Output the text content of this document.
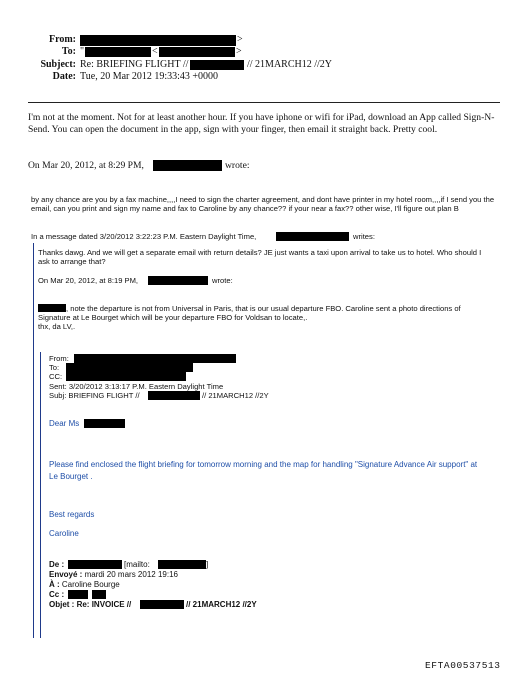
From:	>
To: "	<	>
Subject: Re: BRIEFING FLIGHT //	// 21MARCH12 //2Y
Date: Tue, 20 Mar 2012 19:33:43 +0000
I'm not at the moment. Not for at least another hour. If you have iphone or wifi for iPad, download an App called Sign-N-Send. You can open the document in the app, sign with your finger, then email it straight back. Pretty cool.
On Mar 20, 2012, at 8:29 PM,	wrote:
by any chance are you by a fax machine,,,,I need to sign the charter agreement, and dont have printer in my hotel room,,,,if I send you the email, can you print and sign my name and fax to Caroline by any chance?? if your near a fax?? other wise, I'll figure out plan B
In a message dated 3/20/2012 3:22:23 P.M. Eastern Daylight Time,	writes:
Thanks dawg. And we will get a separate email with return details? JE just wants a taxi upon arrival to take us to hotel. Who should I ask to arrange that?
On Mar 20, 2012, at 8:19 PM,	wrote:
, note the departure is not from Universal in Paris, that is our usual departure FBO. Caroline sent a photo directions of Signature at Le Bourget which will be your departure FBO for Voldsan to locate,.
thx, da LV,.
From:
To:
CC:
Sent: 3/20/2012 3:13:17 P.M. Eastern Daylight Time
Subj: BRIEFING FLIGHT //	// 21MARCH12 //2Y
Dear Ms
Please find enclosed the flight briefing for tomorrow morning and the map for handling "Signature Advance Air support" at Le Bourget .
Best regards
Caroline
De :	[mailto:	]
Envoyé : mardi 20 mars 2012 19:16
À : Caroline Bourge
Cc :
Objet : Re: INVOICE //	// 21MARCH12 //2Y
EFTA00537513
